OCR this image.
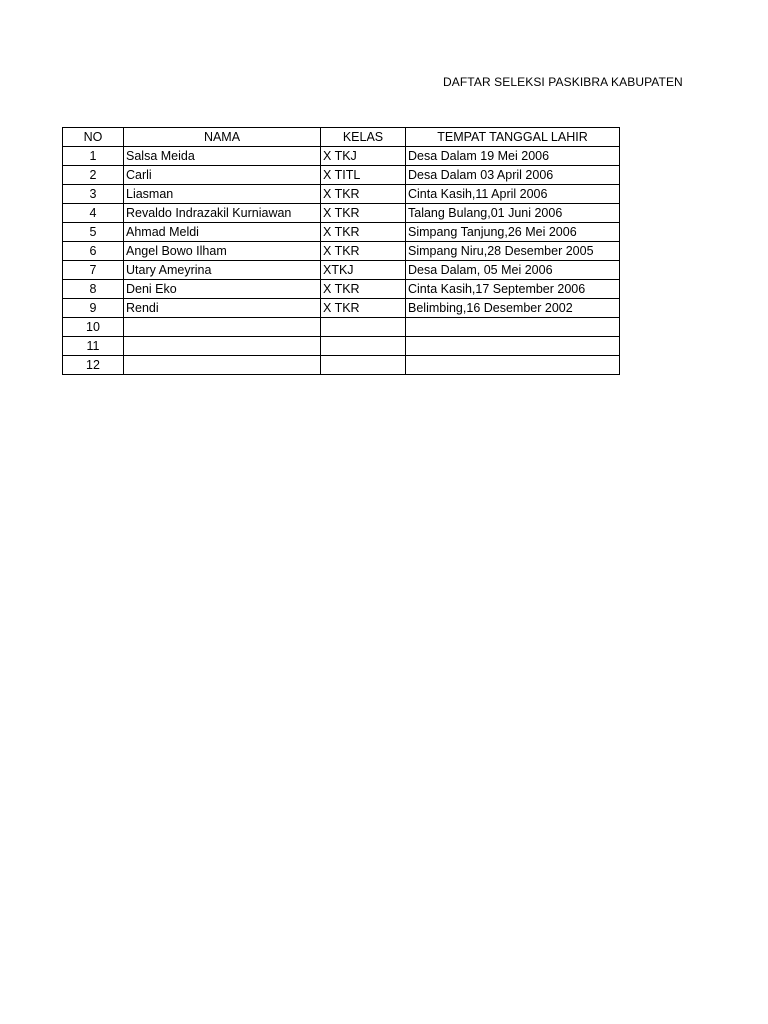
DAFTAR SELEKSI PASKIBRA KABUPATEN
NO	NAMA	KELAS	TEMPAT TANGGAL LAHIR
1	Salsa Meida	X TKJ	Desa Dalam 19 Mei 2006
2	Carli	X TITL	Desa Dalam 03 April 2006
3	Liasman	X TKR	Cinta Kasih,11 April 2006
4	Revaldo Indrazakil Kurniawan	X TKR	Talang Bulang,01 Juni 2006
5	Ahmad Meldi	X TKR	Simpang Tanjung,26 Mei 2006
6	Angel Bowo Ilham	X TKR	Simpang Niru,28 Desember 2005
7	Utary Ameyrina	XTKJ	Desa Dalam, 05 Mei 2006
8	Deni Eko	X TKR	Cinta Kasih,17 September 2006
9	Rendi	X TKR	Belimbing,16 Desember 2002
10			
11			
12			
